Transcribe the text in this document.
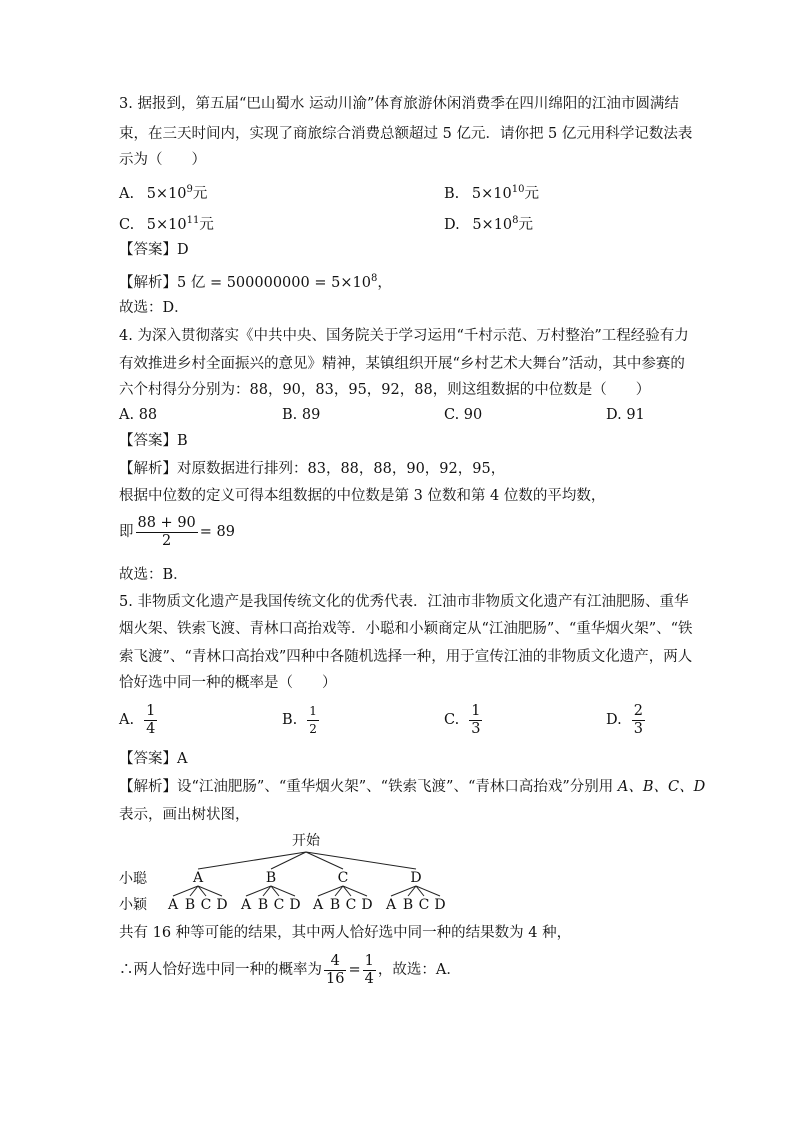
3. 据报到，第五届“巴山蜀水 运动川渝”体育旅游休闲消费季在四川绵阳的江油市圆满结
束，在三天时间内，实现了商旅综合消费总额超过 5 亿元．请你把 5 亿元用科学记数法表
示为（　　）
A. $5\times 10^9$元	B. $5\times 10^{10}$元
C. $5\times 10^{11}$元	D. $5\times 10^8$元
【答案】D
【解析】5 亿 = $500000000 = 5\times 10^8$，
故选：D．
4. 为深入贯彻落实《中共中央、国务院关于学习运用“千村示范、万村整治”工程经验有力
有效推进乡村全面振兴的意见》精神，某镇组织开展“乡村艺术大舞台”活动，其中参赛的
六个村得分分别为：88，90，83，95，92，88，则这组数据的中位数是（　　）
A. 88	B. 89	C. 90	D. 91
【答案】B
【解析】对原数据进行排列：83，88，88，90，92，95，
根据中位数的定义可得本组数据的中位数是第 3 位数和第 4 位数的平均数，
即 $\frac{88 + 90}{2} = 89$
故选：B．
5. 非物质文化遗产是我国传统文化的优秀代表．江油市非物质文化遗产有江油肥肠、重华
烟火架、铁索飞渡、青林口高抬戏等．小聪和小颖商定从“江油肥肠”、“重华烟火架”、“铁
索飞渡”、“青林口高抬戏”四种中各随机选择一种，用于宣传江油的非物质文化遗产，两人
恰好选中同一种的概率是（　　）
A. $\frac{1}{4}$	B. $\frac{1}{2}$	C. $\frac{1}{3}$	D. $\frac{2}{3}$
【答案】A
【解析】设“江油肥肠”、“重华烟火架”、“铁索飞渡”、“青林口高抬戏”分别用 A、B、C、D
表示，画出树状图，
开始
小聪
小颖
A	B	C	D
A B C D A B C D A B C D A B C D
共有 16 种等可能的结果，其中两人恰好选中同一种的结果数为 4 种，
∴两人恰好选中同一种的概率为 $\frac{4}{16} = \frac{1}{4}$ ，故选：A．
